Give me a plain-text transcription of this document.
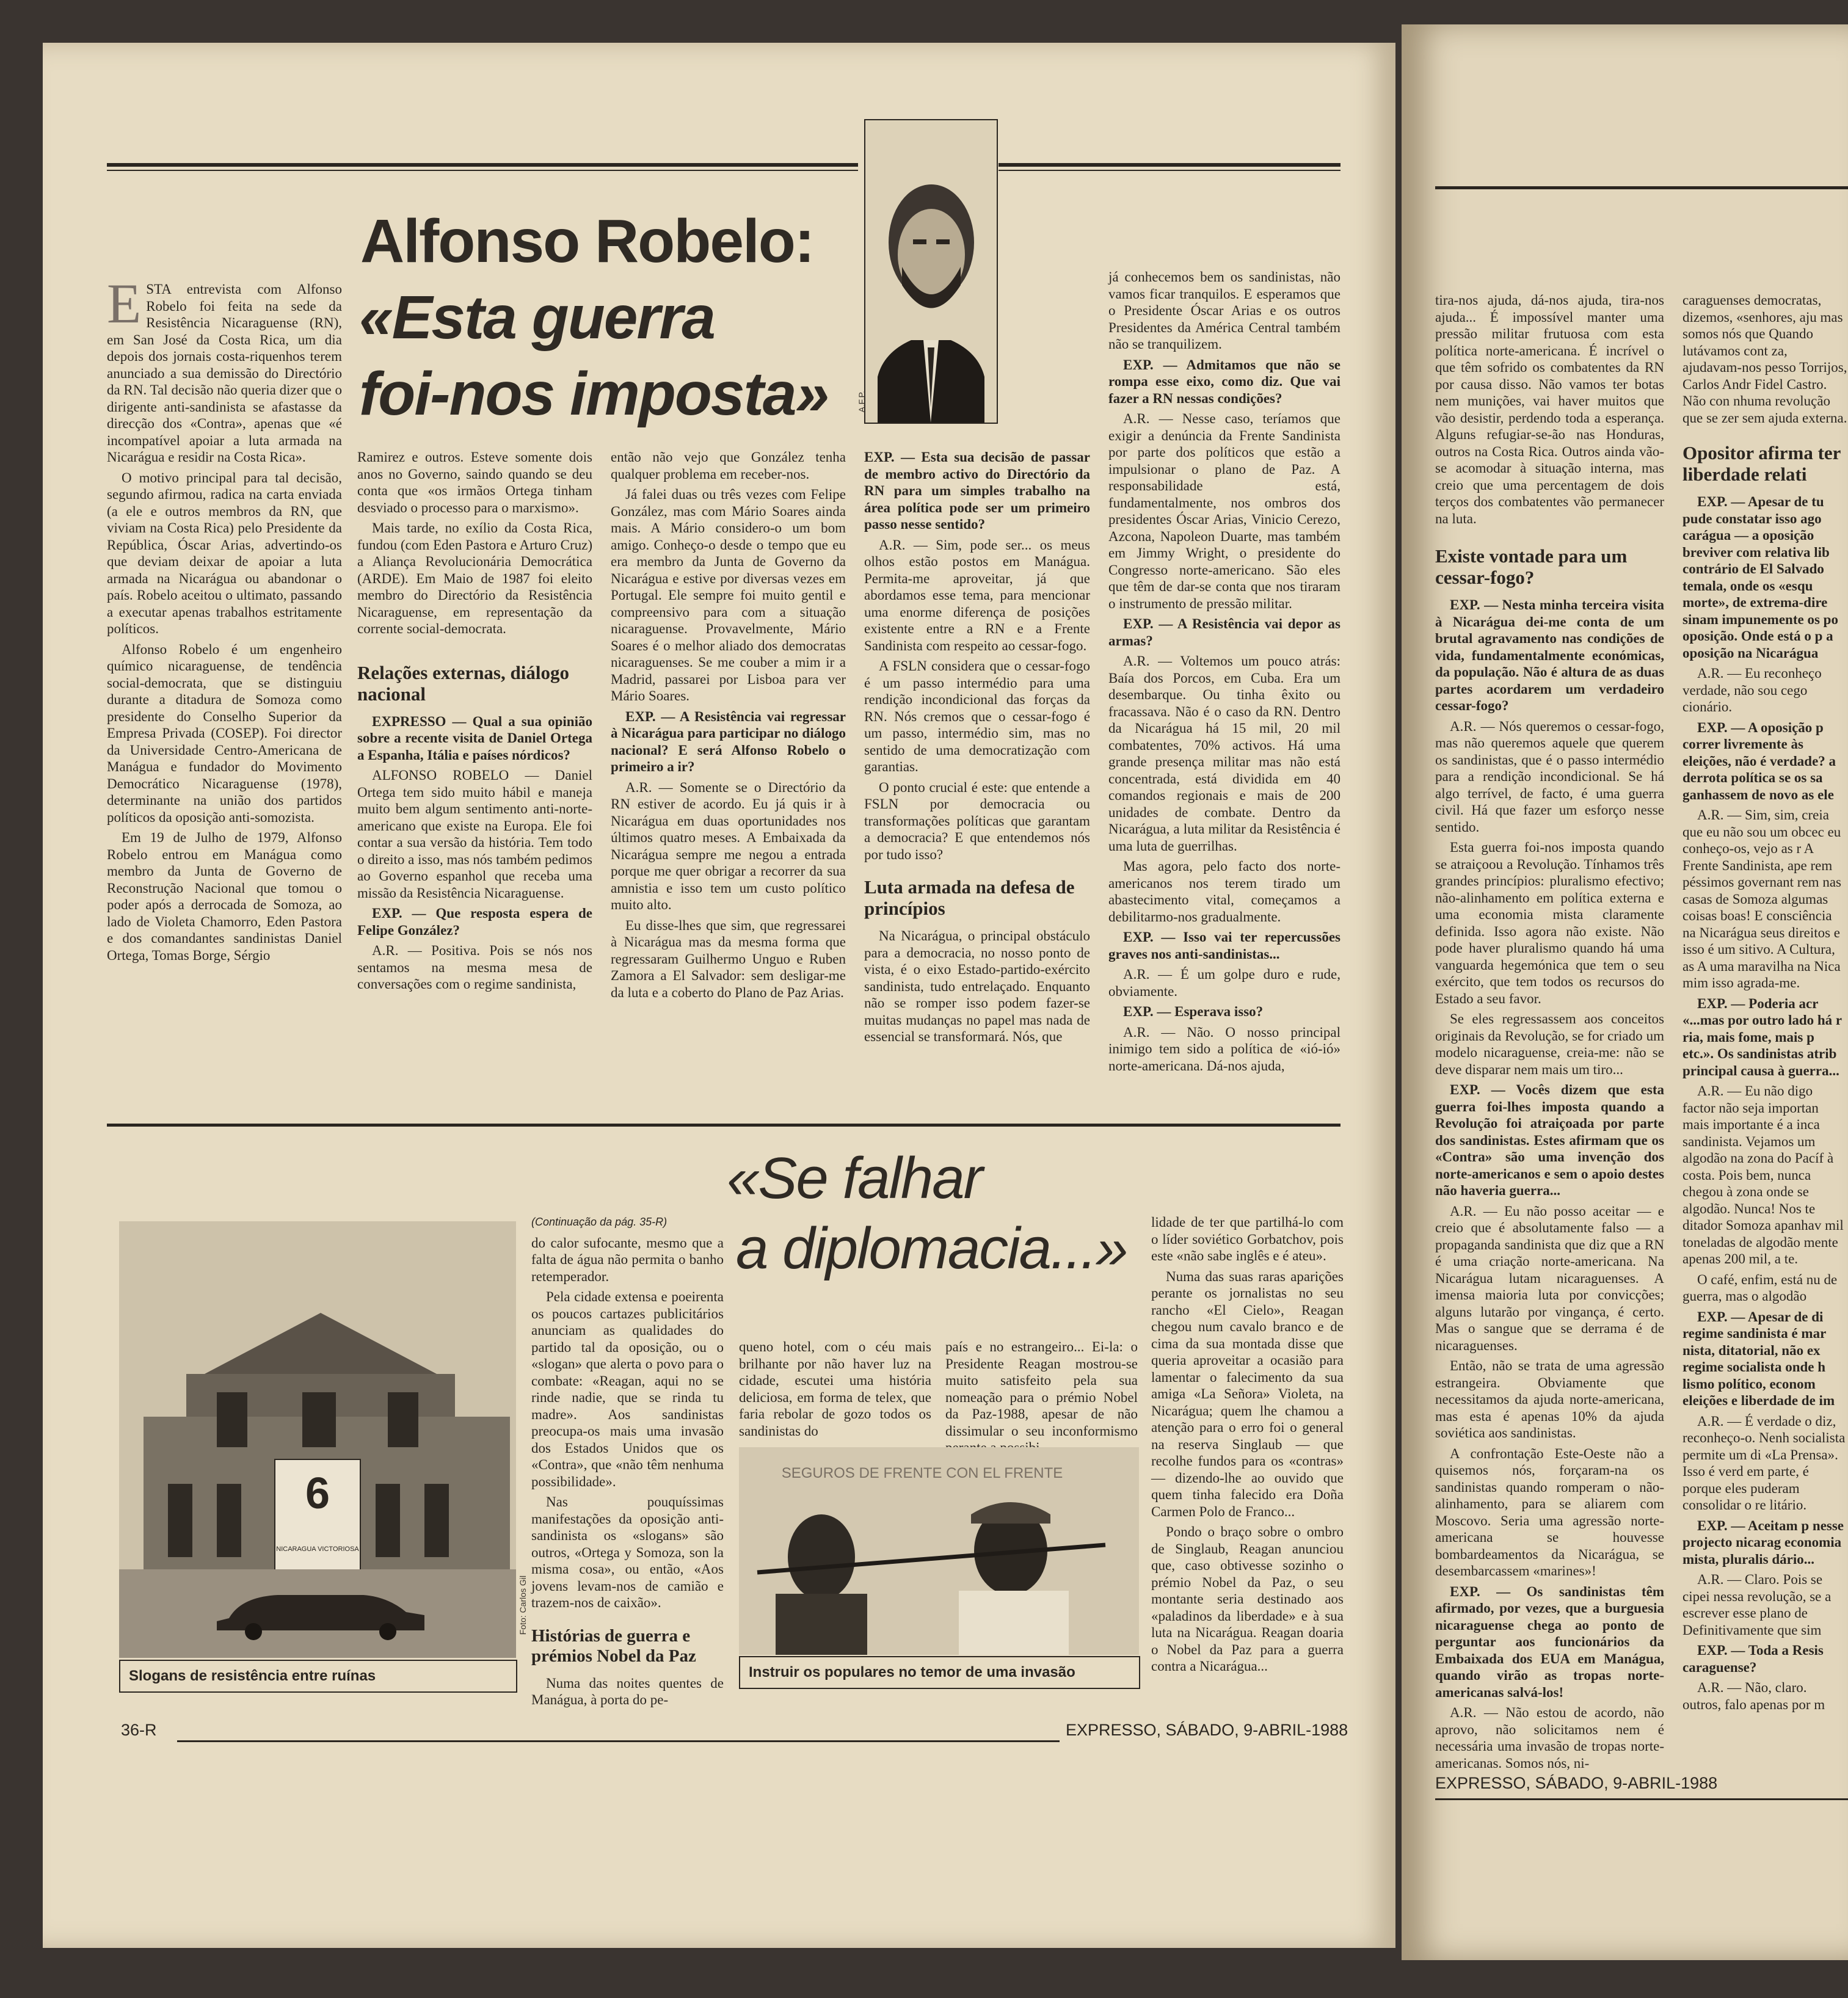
Alfonso Robelo:
«Esta guerra
foi-nos imposta»	A.F.P.

ESTA entrevista com Alfonso Robelo foi feita na sede da Resistência Nicaraguense (RN), em San José da Costa Rica, um dia depois dos jornais costa-riquenhos terem anunciado a sua demissão do Directório da RN. Tal decisão não queria dizer que o dirigente anti-sandinista se afastasse da direcção dos «Contra», apenas que «é incompatível apoiar a luta armada na Nicarágua e residir na Costa Rica».

O motivo principal para tal decisão, segundo afirmou, radica na carta enviada (a ele e outros membros da RN, que viviam na Costa Rica) pelo Presidente da República, Óscar Arias, advertindo-os que deviam deixar de apoiar a luta armada na Nicarágua ou abandonar o país. Robelo aceitou o ultimato, passando a executar apenas trabalhos estritamente políticos.

Alfonso Robelo é um engenheiro químico nicaraguense, de tendência social-democrata, que se distinguiu durante a ditadura de Somoza como presidente do Conselho Superior da Empresa Privada (COSEP). Foi director da Universidade Centro-Americana de Manágua e fundador do Movimento Democrático Nicaraguense (1978), determinante na união dos partidos políticos da oposição anti-somozista.

Em 19 de Julho de 1979, Alfonso Robelo entrou em Manágua como membro da Junta de Governo de Reconstrução Nacional que tomou o poder após a derrocada de Somoza, ao lado de Violeta Chamorro, Eden Pastora e dos comandantes sandinistas Daniel Ortega, Tomas Borge, Sérgio

Ramirez e outros. Esteve somente dois anos no Governo, saindo quando se deu conta que «os irmãos Ortega tinham desviado o processo para o marxismo».

Mais tarde, no exílio da Costa Rica, fundou (com Eden Pastora e Arturo Cruz) a Aliança Revolucionária Democrática (ARDE). Em Maio de 1987 foi eleito membro do Directório da Resistência Nicaraguense, em representação da corrente social-democrata.

Relações externas, diálogo nacional

EXPRESSO — Qual a sua opinião sobre a recente visita de Daniel Ortega a Espanha, Itália e países nórdicos?

ALFONSO ROBELO — Daniel Ortega tem sido muito hábil e maneja muito bem algum sentimento anti-norte-americano que existe na Europa. Ele foi contar a sua versão da história. Tem todo o direito a isso, mas nós também pedimos ao Governo espanhol que receba uma missão da Resistência Nicaraguense.

EXP. — Que resposta espera de Felipe González?

A.R. — Positiva. Pois se nós nos sentamos na mesma mesa de conversações com o regime sandinista,

então não vejo que González tenha qualquer problema em receber-nos.

Já falei duas ou três vezes com Felipe González, mas com Mário Soares ainda mais. A Mário considero-o um bom amigo. Conheço-o desde o tempo que eu era membro da Junta de Governo da Nicarágua e estive por diversas vezes em Portugal. Ele sempre foi muito gentil e compreensivo para com a situação nicaraguense. Provavelmente, Mário Soares é o melhor aliado dos democratas nicaraguenses. Se me couber a mim ir a Madrid, passarei por Lisboa para ver Mário Soares.

EXP. — A Resistência vai regressar à Nicarágua para participar no diálogo nacional? E será Alfonso Robelo o primeiro a ir?

A.R. — Somente se o Directório da RN estiver de acordo. Eu já quis ir à Nicarágua em duas oportunidades nos últimos quatro meses. A Embaixada da Nicarágua sempre me negou a entrada porque me quer obrigar a recorrer da sua amnistia e isso tem um custo político muito alto.

Eu disse-lhes que sim, que regressarei à Nicarágua mas da mesma forma que regressaram Guilhermo Unguo e Ruben Zamora a El Salvador: sem desligar-me da luta e a coberto do Plano de Paz Arias.

EXP. — Esta sua decisão de passar de membro activo do Directório da RN para um simples trabalho na área política pode ser um primeiro passo nesse sentido?

A.R. — Sim, pode ser... os meus olhos estão postos em Manágua. Permita-me aproveitar, já que abordamos esse tema, para mencionar uma enorme diferença de posições existente entre a RN e a Frente Sandinista com respeito ao cessar-fogo.

A FSLN considera que o cessar-fogo é um passo intermédio para uma rendição incondicional das forças da RN. Nós cremos que o cessar-fogo é um passo, intermédio sim, mas no sentido de uma democratização com garantias.

O ponto crucial é este: que entende a FSLN por democracia ou transformações políticas que garantam a democracia? E que entendemos nós por tudo isso?

Luta armada na defesa de princípios

Na Nicarágua, o principal obstáculo para a democracia, no nosso ponto de vista, é o eixo Estado-partido-exército sandinista, tudo entrelaçado. Enquanto não se romper isso podem fazer-se muitas mudanças no papel mas nada de essencial se transformará. Nós, que

já conhecemos bem os sandinistas, não vamos ficar tranquilos. E esperamos que o Presidente Óscar Arias e os outros Presidentes da América Central também não se tranquilizem.

EXP. — Admitamos que não se rompa esse eixo, como diz. Que vai fazer a RN nessas condições?

A.R. — Nesse caso, teríamos que exigir a denúncia da Frente Sandinista por parte dos políticos que estão a impulsionar o plano de Paz. A responsabilidade está, fundamentalmente, nos ombros dos presidentes Óscar Arias, Vinicio Cerezo, Azcona, Napoleon Duarte, mas também em Jimmy Wright, o presidente do Congresso norte-americano. São eles que têm de dar-se conta que nos tiraram o instrumento de pressão militar.

EXP. — A Resistência vai depor as armas?

A.R. — Voltemos um pouco atrás: Baía dos Porcos, em Cuba. Era um desembarque. Ou tinha êxito ou fracassava. Não é o caso da RN. Dentro da Nicarágua há 15 mil, 20 mil combatentes, 70% activos. Há uma grande presença militar mas não está concentrada, está dividida em 40 comandos regionais e mais de 200 unidades de combate. Dentro da Nicarágua, a luta militar da Resistência é uma luta de guerrilhas.

Mas agora, pelo facto dos norte-americanos nos terem tirado um abastecimento vital, começamos a debilitarmo-nos gradualmente.

EXP. — Isso vai ter repercussões graves nos anti-sandinistas...

A.R. — É um golpe duro e rude, obviamente.

EXP. — Esperava isso?

A.R. — Não. O nosso principal inimigo tem sido a política de «ió-ió» norte-americana. Dá-nos ajuda,

«Se falhar
a diplomacia...»
6
NICARAGUA VICTORIOSA
Foto: Carlos Gil
Slogans de resistência entre ruínas
(Continuação da pág. 35-R)

do calor sufocante, mesmo que a falta de água não permita o banho retemperador.

Pela cidade extensa e poeirenta os poucos cartazes publicitários anunciam as qualidades do partido tal da oposição, ou o «slogan» que alerta o povo para o combate: «Reagan, aqui no se rinde nadie, que se rinda tu madre». Aos sandinistas preocupa-os mais uma invasão dos Estados Unidos que os «Contra», que «não têm nenhuma possibilidade».

Nas pouquíssimas manifestações da oposição anti-sandinista os «slogans» são outros, «Ortega y Somoza, son la misma cosa», ou então, «Aos jovens levam-nos de camião e trazem-nos de caixão».

Histórias de guerra e prémios Nobel da Paz

Numa das noites quentes de Manágua, à porta do pe-

queno hotel, com o céu mais brilhante por não haver luz na cidade, escutei uma história deliciosa, em forma de telex, que faria rebolar de gozo todos os sandinistas do

país e no estrangeiro... Ei-la: o Presidente Reagan mostrou-se muito satisfeito pela sua nomeação para o prémio Nobel da Paz-1988, apesar de não dissimular o seu inconformismo

SEGUROS DE FRENTE CON EL FRENTE
Instruir os populares no temor de uma invasão

lidade de ter que partilhá-lo com o líder soviético Gorbatchov, pois este «não sabe inglês e é ateu».

Numa das suas raras aparições perante os jornalistas no seu rancho «El Cielo», Reagan chegou num cavalo branco e de cima da sua montada disse que queria aproveitar a ocasião para lamentar o falecimento da sua amiga «La Señora» Violeta, na Nicarágua; quem lhe chamou a atenção para o erro foi o general na reserva Singlaub — que recolhe fundos para os «contras» — dizendo-lhe ao ouvido que quem tinha falecido era Doña Carmen Polo de Franco...

Pondo o braço sobre o ombro de Singlaub, Reagan anunciou que, caso obtivesse sozinho o prémio Nobel da Paz, o seu montante seria destinado aos «paladinos da liberdade» e à sua luta na Nicarágua. Reagan doaria o Nobel da Paz para a guerra contra a Nicarágua...

36-R	EXPRESSO, SÁBADO, 9-ABRIL-1988

tira-nos ajuda, dá-nos ajuda, tira-nos ajuda... É impossível manter uma pressão militar frutuosa com esta política norte-americana. É incrível o que têm sofrido os combatentes da RN por causa disso. Não vamos ter botas nem munições, vai haver muitos que vão desistir, perdendo toda a esperança. Alguns refugiar-se-ão nas Honduras, outros na Costa Rica. Outros ainda vão-se acomodar à situação interna, mas creio que uma percentagem de dois terços dos combatentes vão permanecer na luta.

Existe vontade para um cessar-fogo?

EXP. — Nesta minha terceira visita à Nicarágua dei-me conta de um brutal agravamento nas condições de vida, fundamentalmente económicas, da população. Não é altura de as duas partes acordarem um verdadeiro cessar-fogo?

A.R. — Nós queremos o cessar-fogo, mas não queremos aquele que querem os sandinistas, que é o passo intermédio para a rendição incondicional. Se há algo terrível, de facto, é uma guerra civil. Há que fazer um esforço nesse sentido.

Esta guerra foi-nos imposta quando se atraiçoou a Revolução. Tínhamos três grandes princípios: pluralismo efectivo; não-alinhamento em política externa e uma economia mista claramente definida. Isso agora não existe. Não pode haver pluralismo quando há uma vanguarda hegemónica que tem o seu exército, que tem todos os recursos do Estado a seu favor.

Se eles regressassem aos conceitos originais da Revolução, se for criado um modelo nicaraguense, creia-me: não se deve disparar nem mais um tiro...

EXP. — Vocês dizem que esta guerra foi-lhes imposta quando a Revolução foi atraiçoada por parte dos sandinistas. Estes afirmam que os «Contra» são uma invenção dos norte-americanos e sem o apoio destes não haveria guerra...

A.R. — Eu não posso aceitar — e creio que é absolutamente falso — a propaganda sandinista que diz que a RN é uma criação norte-americana. Na Nicarágua lutam nicaraguenses. A imensa maioria luta por convicções; alguns lutarão por vingança, é certo. Mas o sangue que se derrama é de nicaraguenses.

Então, não se trata de uma agressão estrangeira. Obviamente que necessitamos da ajuda norte-americana, mas esta é apenas 10% da ajuda soviética aos sandinistas.

A confrontação Este-Oeste não a quisemos nós, forçaram-na os sandinistas quando romperam o não-alinhamento, para se aliarem com Moscovo. Seria uma agressão norte-americana se houvesse bombardeamentos da Nicarágua, se desembarcassem «marines»!

EXP. — Os sandinistas têm afirmado, por vezes, que a burguesia nicaraguense chega ao ponto de perguntar aos funcionários da Embaixada dos EUA em Manágua, quando virão as tropas norte-americanas salvá-los!

A.R. — Não estou de acordo, não aprovo, não solicitamos nem é necessária uma invasão de tropas norte-americanas. Somos nós, ni-

caraguenses democratas, dizemos, «senhores, aju mas somos nós que Quando lutávamos cont za, ajudavam-nos pesso Torrijos, Carlos Andr Fidel Castro. Não con nhuma revolução que se zer sem ajuda externa.

Opositor afirma ter liberdade relati

EXP. — Apesar de tu pude constatar isso ago carágua — a oposição breviver com relativa lib contrário de El Salvado temala, onde os «esqu morte», de extrema-dire sinam impunemente os po oposição. Onde está o p a oposição na Nicarágua

A.R. — Eu reconheço verdade, não sou cego cionário.

EXP. — A oposição p correr livremente às eleições, não é verdade? a derrota política se os sa ganhassem de novo as ele

A.R. — Sim, sim, creia que eu não sou um obcec eu conheço-os, vejo as r A Frente Sandinista, ape rem péssimos governant rem nas casas de Somoza algumas coisas boas! E consciência na Nicarágua seus direitos e isso é um sitivo. A Cultura, as A uma maravilha na Nica mim isso agrada-me.

EXP. — Poderia acr «...mas por outro lado há r ria, mais fome, mais p etc.». Os sandinistas atrib principal causa à guerra...

A.R. — Eu não digo factor não seja importan mais importante é a inca sandinista. Vejamos um algodão na zona do Pacíf à costa. Pois bem, nunca chegou à zona onde se algodão. Nunca! Nos te ditador Somoza apanhav mil toneladas de algodão mente apenas 200 mil, a te.

O café, enfim, está nu de guerra, mas o algodão

EXP. — Apesar de di regime sandinista é mar nista, ditatorial, não ex regime socialista onde h lismo político, econom eleições e liberdade de im

A.R. — É verdade o diz, reconheço-o. Nenh socialista permite um di «La Prensa». Isso é verd em parte, é porque eles puderam consolidar o re litário.

EXP. — Aceitam p nesse projecto nicarag economia mista, pluralis dário...

A.R. — Claro. Pois se cipei nessa revolução, se a escrever esse plano de Definitivamente que sim

EXP. — Toda a Resis caraguense?

A.R. — Não, claro. outros, falo apenas por m

EXPRESSO, SÁBADO, 9-ABRIL-1988
